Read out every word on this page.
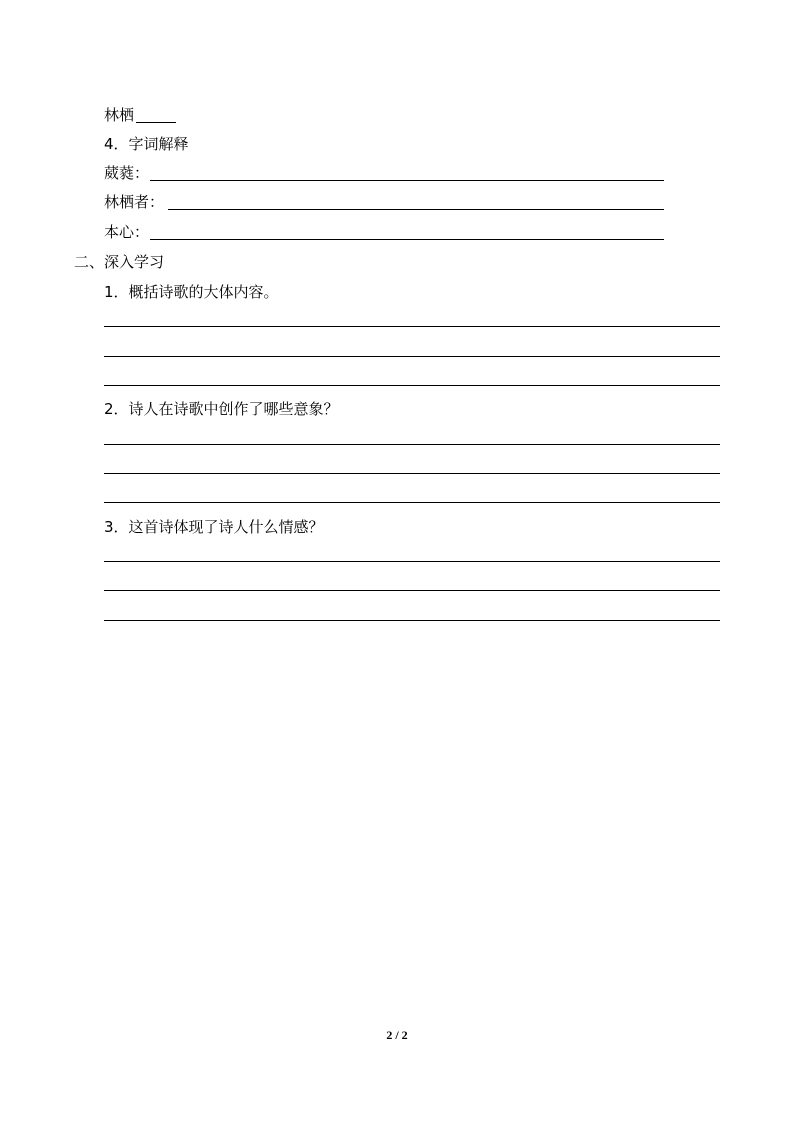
林栖
4．字词解释
葳蕤：
林栖者：
本心：
二、深入学习
1．概括诗歌的大体内容。
2．诗人在诗歌中创作了哪些意象？
3．这首诗体现了诗人什么情感？
2 / 2
